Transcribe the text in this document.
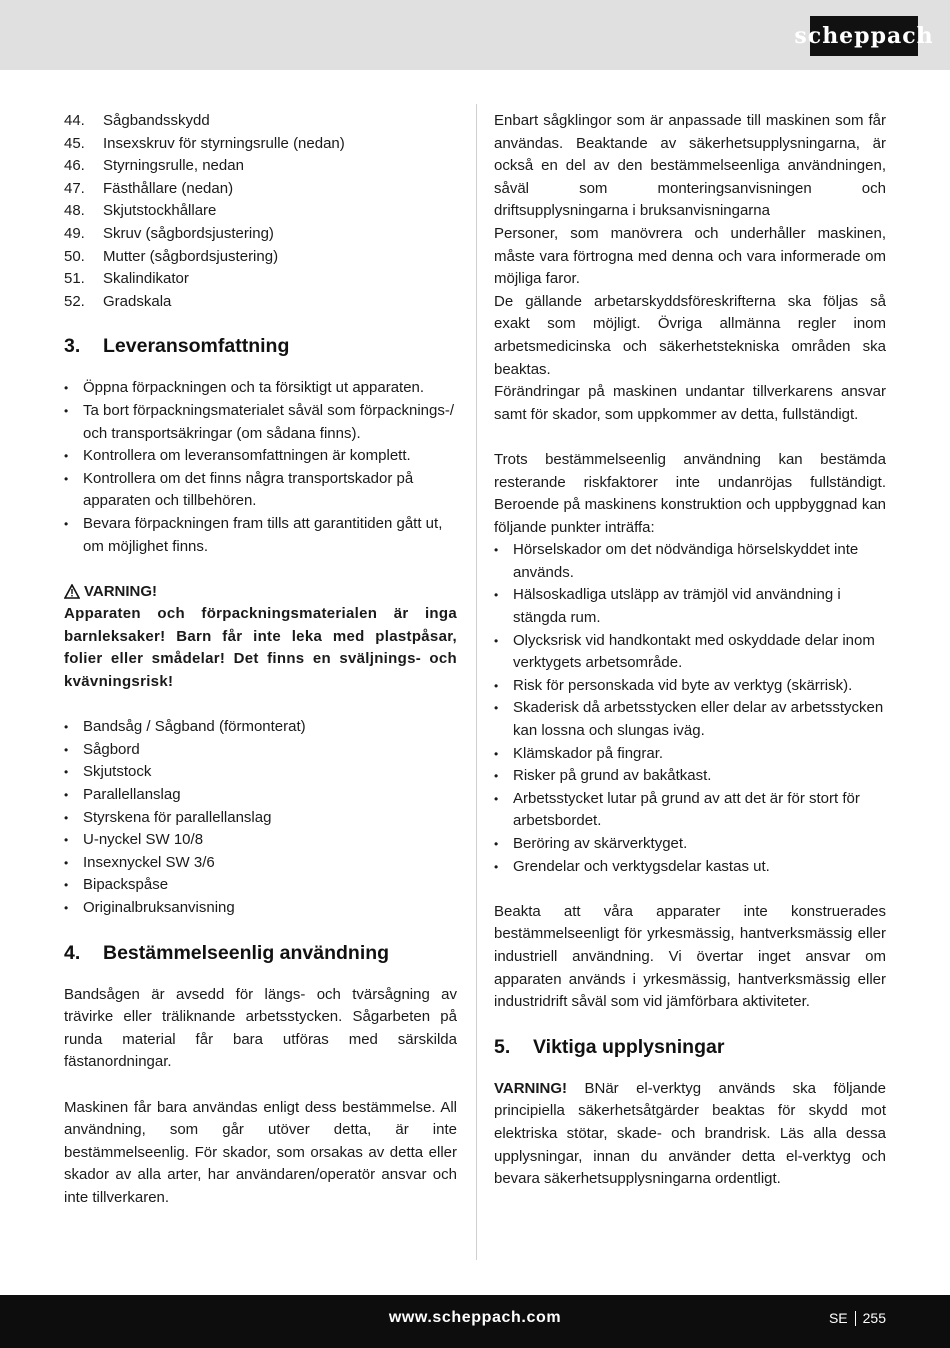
scheppach
44.	Sågbandsskydd
45.	Insexskruv för styrningsrulle (nedan)
46.	Styrningsrulle, nedan
47.	Fästhållare (nedan)
48.	Skjutstockhållare
49.	Skruv (sågbordsjustering)
50.	Mutter (sågbordsjustering)
51.	Skalindikator
52.	Gradskala
3.	Leveransomfattning
• Öppna förpackningen och ta försiktigt ut apparaten.
• Ta bort förpackningsmaterialet såväl som förpacknings-/ och transportsäkringar (om sådana finns).
• Kontrollera om leveransomfattningen är komplett.
• Kontrollera om det finns några transportskador på apparaten och tillbehören.
• Bevara förpackningen fram tills att garantitiden gått ut, om möjlighet finns.
VARNING!

Apparaten och förpackningsmaterialen är inga barnleksaker! Barn får inte leka med plastpåsar, folier eller smådelar! Det finns en sväljnings- och kvävningsrisk!

• Bandsåg / Sågband (förmonterat)
• Sågbord
• Skjutstock
• Parallellanslag
• Styrskena för parallellanslag
• U-nyckel SW 10/8
• Insexnyckel SW 3/6
• Bipackspåse
• Originalbruksanvisning
4.	Bestämmelseenlig användning

Bandsågen är avsedd för längs- och tvärsågning av trävirke eller träliknande arbetsstycken. Sågarbeten på runda material får bara utföras med särskilda fästanordningar.

Maskinen får bara användas enligt dess bestämmelse. All användning, som går utöver detta, är inte bestämmelseenlig. För skador, som orsakas av detta eller skador av alla arter, har användaren/operatör ansvar och inte tillverkaren.

Enbart sågklingor som är anpassade till maskinen som får användas. Beaktande av säkerhetsupplysningarna, är också en del av den bestämmelseenliga användningen, såväl som monteringsanvisningen och driftsupplysningarna i bruksanvisningarna

Personer, som manövrera och underhåller maskinen, måste vara förtrogna med denna och vara informerade om möjliga faror.

De gällande arbetarskyddsföreskrifterna ska följas så exakt som möjligt. Övriga allmänna regler inom arbetsmedicinska och säkerhetstekniska områden ska beaktas.

Förändringar på maskinen undantar tillverkarens ansvar samt för skador, som uppkommer av detta, fullständigt.

Trots bestämmelseenlig användning kan bestämda resterande riskfaktorer inte undanröjas fullständigt. Beroende på maskinens konstruktion och uppbyggnad kan följande punkter inträffa:

• Hörselskador om det nödvändiga hörselskyddet inte används.
• Hälsoskadliga utsläpp av trämjöl vid användning i stängda rum.
• Olycksrisk vid handkontakt med oskyddade delar inom verktygets arbetsområde.
• Risk för personskada vid byte av verktyg (skärrisk).
• Skaderisk då arbetsstycken eller delar av arbetsstycken kan lossna och slungas iväg.
• Klämskador på fingrar.
• Risker på grund av bakåtkast.
• Arbetsstycket lutar på grund av att det är för stort för arbetsbordet.
• Beröring av skärverktyget.
• Grendelar och verktygsdelar kastas ut.

Beakta att våra apparater inte konstruerades bestämmelseenligt för yrkesmässig, hantverksmässig eller industriell användning. Vi övertar inget ansvar om apparaten används i yrkesmässig, hantverksmässig eller industridrift såväl som vid jämförbara aktiviteter.

5.	Viktiga upplysningar

VARNING! BNär el-verktyg används ska följande principiella säkerhetsåtgärder beaktas för skydd mot elektriska stötar, skade- och brandrisk. Läs alla dessa upplysningar, innan du använder detta el-verktyg och bevara säkerhetsupplysningarna ordentligt.

www.scheppach.com	SE 255
